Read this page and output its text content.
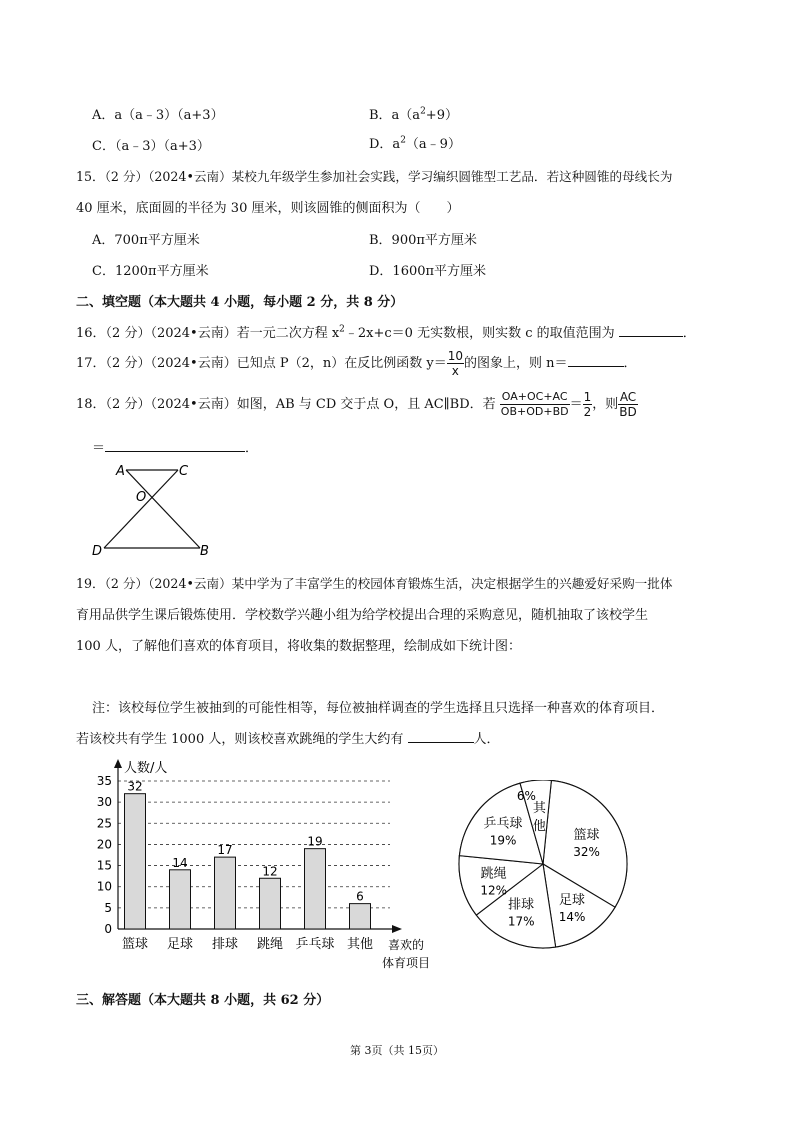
A．a（a﹣3）（a+3）	B．$a(a^2+9)$
C．（a﹣3）（a+3）	D．$a^2(a﹣9)$
15．（2 分）（2024•云南）某校九年级学生参加社会实践，学习编织圆锥型工艺品．若这种圆锥的母线长为
40 厘米，底面圆的半径为 30 厘米，则该圆锥的侧面积为（　　）
A．700π平方厘米	B．900π平方厘米
C．1200π平方厘米	D．1600π平方厘米
二、填空题（本大题共 4 小题，每小题 2 分，共 8 分）
16．（2 分）（2024•云南）若一元二次方程 $x^2﹣2x+c=0$ 无实数根，则实数 c 的取值范围为	．
17．（2 分）（2024•云南）已知点 P（2，n）在反比例函数 $y= \frac{10}{x}$ 的图象上，则 n＝	．
18．（2 分）（2024•云南）如图，AB 与 CD 交于点 O，且 AC∥BD．若 $\frac{OA+OC+AC}{OB+OD+BD} = \frac{1}{2}$ ，则 $\frac{AC}{BD}$
＝	．
A	C
O
D	B
19．（2 分）（2024•云南）某中学为了丰富学生的校园体育锻炼生活，决定根据学生的兴趣爱好采购一批体
育用品供学生课后锻炼使用．学校数学兴趣小组为给学校提出合理的采购意见，随机抽取了该校学生
100 人，了解他们喜欢的体育项目，将收集的数据整理，绘制成如下统计图：
注：该校每位学生被抽到的可能性相等，每位被抽样调查的学生选择且只选择一种喜欢的体育项目．
若该校共有学生 1000 人，则该校喜欢跳绳的学生大约有	人．
0
5
10
15
20
25
30
35
人数/人
喜欢的
体育项目
32
篮球
14
足球
17
排球
12
跳绳
19
乒乓球
6
其他
篮球
32%
足球
14%
排球
17%
跳绳
12%
乒乓球
19%
6%
其
他
三、解答题（本大题共 8 小题，共 62 分）
第 3页（共 15页）
